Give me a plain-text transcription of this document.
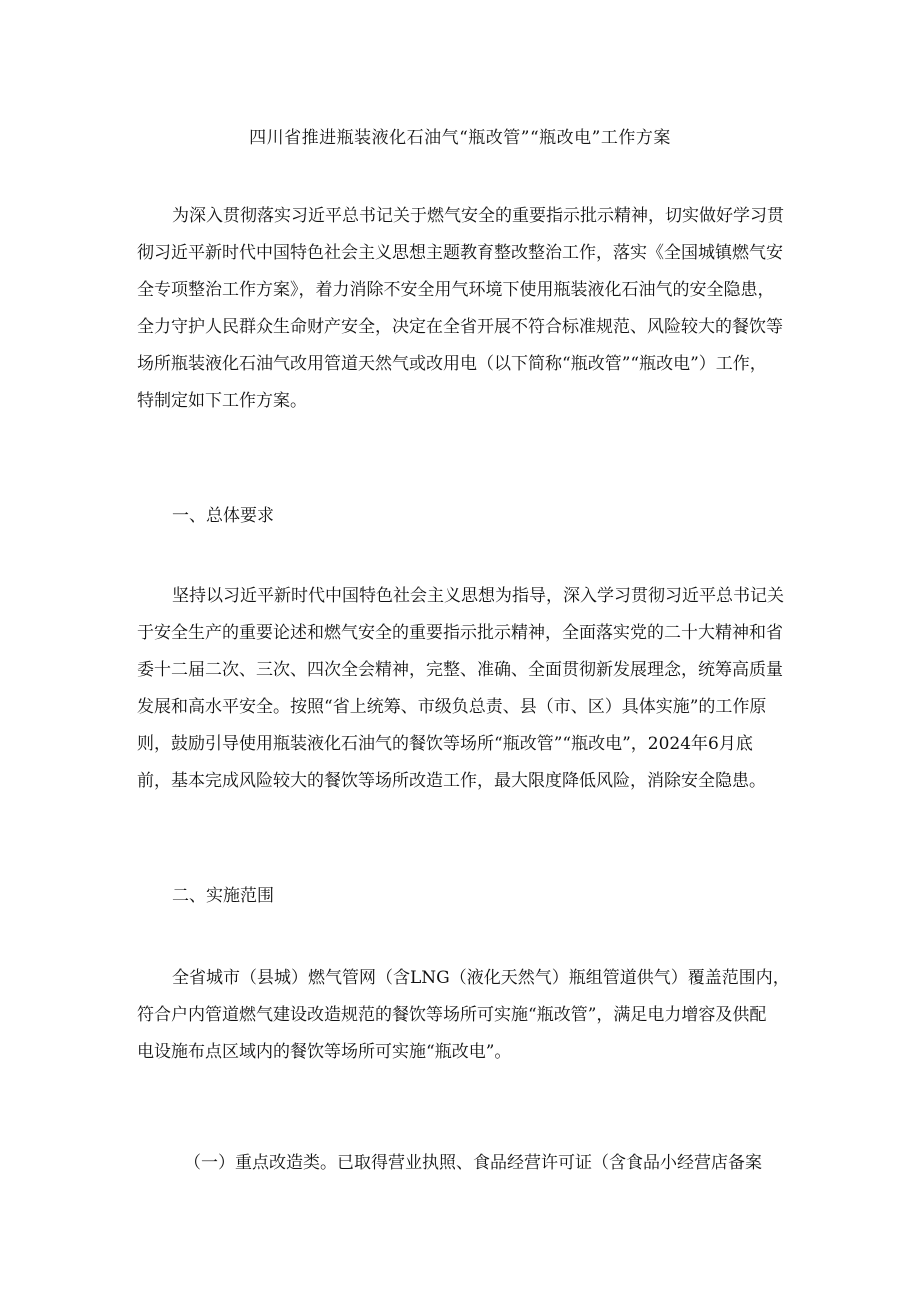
四川省推进瓶装液化石油气“瓶改管”“瓶改电”工作方案
为深入贯彻落实习近平总书记关于燃气安全的重要指示批示精神，切实做好学习贯
彻习近平新时代中国特色社会主义思想主题教育整改整治工作，落实《全国城镇燃气安
全专项整治工作方案》，着力消除不安全用气环境下使用瓶装液化石油气的安全隐患，
全力守护人民群众生命财产安全，决定在全省开展不符合标准规范、风险较大的餐饮等
场所瓶装液化石油气改用管道天然气或改用电（以下简称“瓶改管”“瓶改电”）工作，
特制定如下工作方案。
一、总体要求
坚持以习近平新时代中国特色社会主义思想为指导，深入学习贯彻习近平总书记关
于安全生产的重要论述和燃气安全的重要指示批示精神，全面落实党的二十大精神和省
委十二届二次、三次、四次全会精神，完整、准确、全面贯彻新发展理念，统筹高质量
发展和高水平安全。按照“省上统筹、市级负总责、县（市、区）具体实施”的工作原
则，鼓励引导使用瓶装液化石油气的餐饮等场所“瓶改管”“瓶改电”，2024年6月底
前，基本完成风险较大的餐饮等场所改造工作，最大限度降低风险，消除安全隐患。
二、实施范围
全省城市（县城）燃气管网（含LNG（液化天然气）瓶组管道供气）覆盖范围内，
符合户内管道燃气建设改造规范的餐饮等场所可实施“瓶改管”，满足电力增容及供配
电设施布点区域内的餐饮等场所可实施“瓶改电”。
（一）重点改造类。已取得营业执照、食品经营许可证（含食品小经营店备案
